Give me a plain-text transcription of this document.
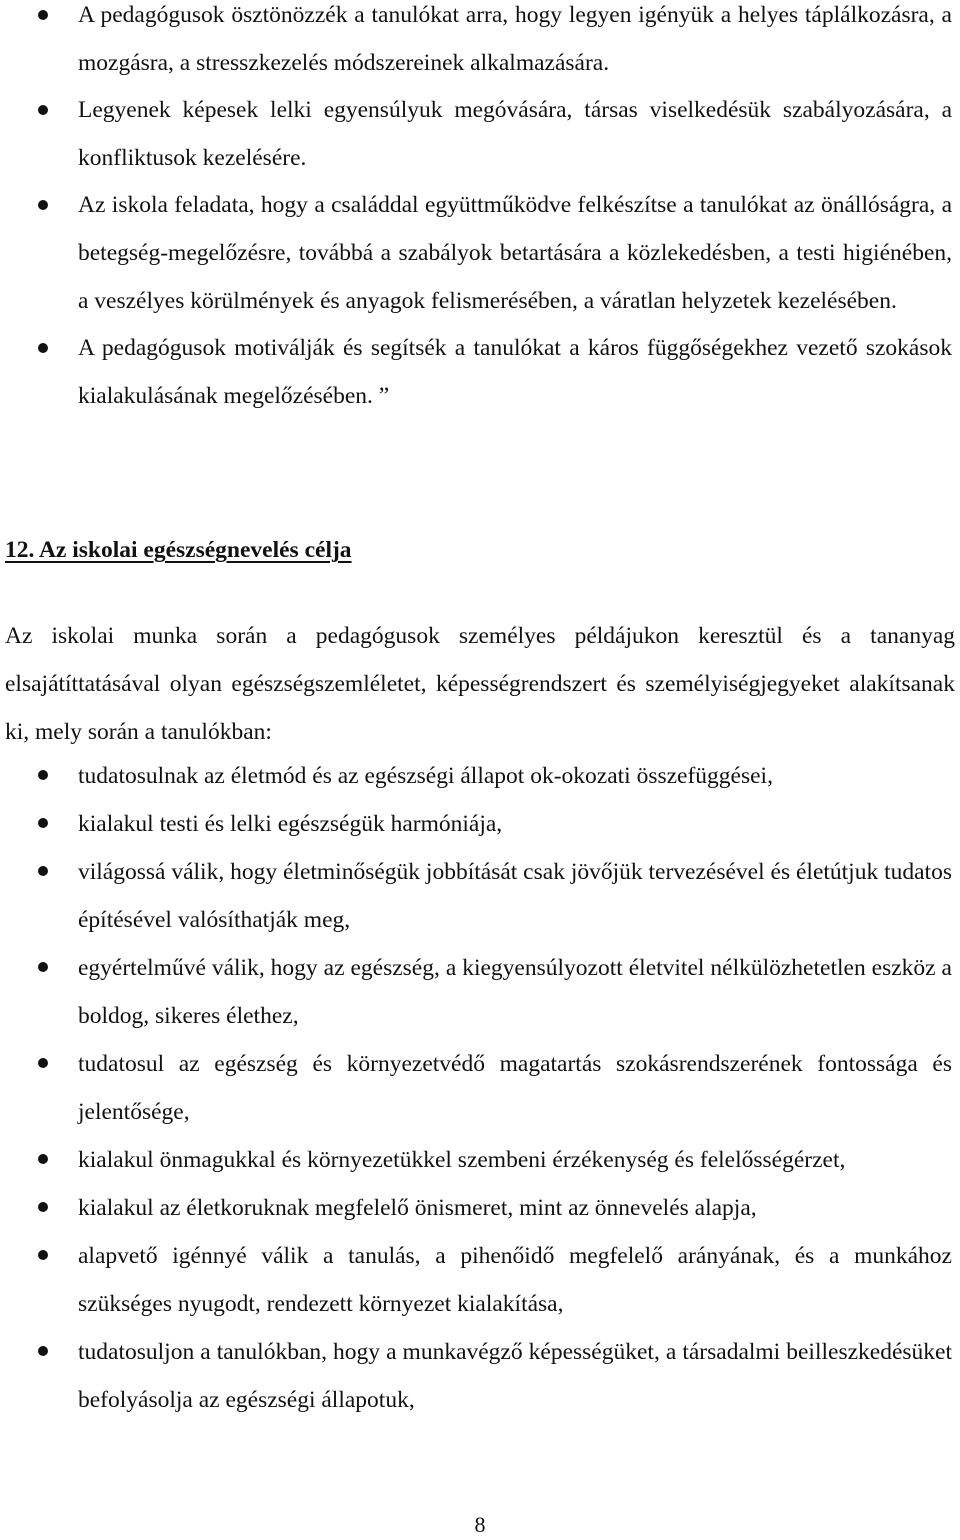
A pedagógusok ösztönözzék a tanulókat arra, hogy legyen igényük a helyes táplálkozásra, a mozgásra, a stresszkezelés módszereinek alkalmazására.
Legyenek képesek lelki egyensúlyuk megóvására, társas viselkedésük szabályozására, a konfliktusok kezelésére.
Az iskola feladata, hogy a családdal együttműködve felkészítse a tanulókat az önállóságra, a betegség-megelőzésre, továbbá a szabályok betartására a közlekedésben, a testi higiénében, a veszélyes körülmények és anyagok felismerésében, a váratlan helyzetek kezelésében.
A pedagógusok motiválják és segítsék a tanulókat a káros függőségekhez vezető szokások kialakulásának megelőzésében. ”
12. Az iskolai egészségnevelés célja
Az iskolai munka során a pedagógusok személyes példájukon keresztül és a tananyag elsajátíttatásával olyan egészségszemléletet, képességrendszert és személyiségjegyeket alakítsanak ki, mely során a tanulókban:
tudatosulnak az életmód és az egészségi állapot ok-okozati összefüggései,
kialakul testi és lelki egészségük harmóniája,
világossá válik, hogy életminőségük jobbítását csak jövőjük tervezésével és életútjuk tudatos építésével valósíthatják meg,
egyértelművé válik, hogy az egészség, a kiegyensúlyozott életvitel nélkülözhetetlen eszköz a boldog, sikeres élethez,
tudatosul az egészség és környezetvédő magatartás szokásrendszerének fontossága és jelentősége,
kialakul önmagukkal és környezetükkel szembeni érzékenység és felelősségérzet,
kialakul az életkoruknak megfelelő önismeret, mint az önnevelés alapja,
alapvető igénnyé válik a tanulás, a pihenőidő megfelelő arányának, és a munkához szükséges nyugodt, rendezett környezet kialakítása,
tudatosuljon a tanulókban, hogy a munkavégző képességüket, a társadalmi beilleszkedésüket befolyásolja az egészségi állapotuk,
8
